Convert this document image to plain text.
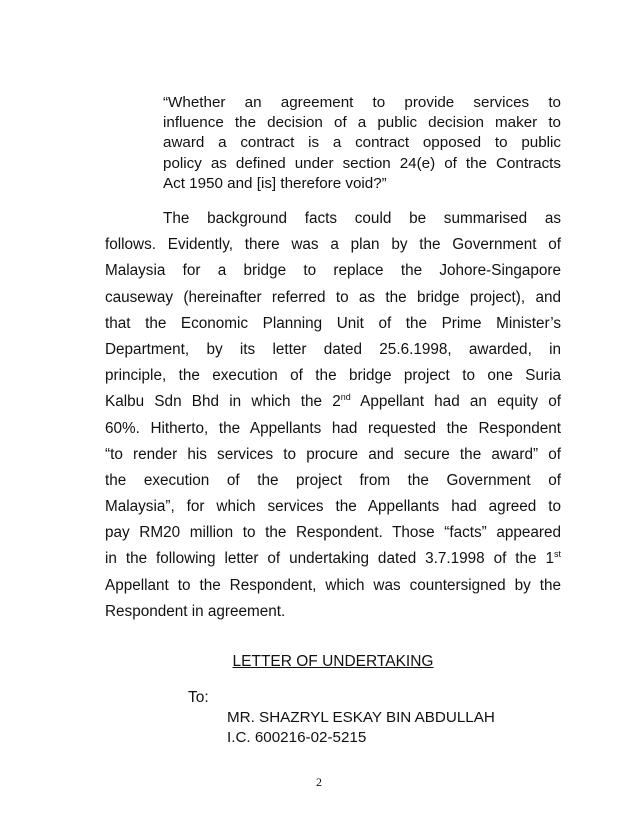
“Whether an agreement to provide services to
influence the decision of a public decision maker to
award a contract is a contract opposed to public
policy as defined under section 24(e) of the Contracts
Act 1950 and [is] therefore void?”
The background facts could be summarised as
follows. Evidently, there was a plan by the Government of
Malaysia for a bridge to replace the Johore-Singapore
causeway (hereinafter referred to as the bridge project), and
that the Economic Planning Unit of the Prime Minister’s
Department, by its letter dated 25.6.1998, awarded, in
principle, the execution of the bridge project to one Suria
Kalbu Sdn Bhd in which the 2nd Appellant had an equity of
60%. Hitherto, the Appellants had requested the Respondent
“to render his services to procure and secure the award” of
the execution of the project from the Government of
Malaysia”, for which services the Appellants had agreed to
pay RM20 million to the Respondent. Those “facts” appeared
in the following letter of undertaking dated 3.7.1998 of the 1st
Appellant to the Respondent, which was countersigned by the
Respondent in agreement.
LETTER OF UNDERTAKING
To:
MR. SHAZRYL ESKAY BIN ABDULLAH
I.C. 600216-02-5215
2
